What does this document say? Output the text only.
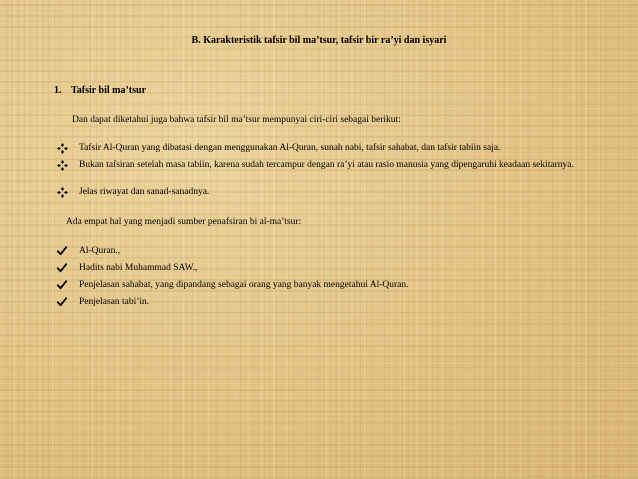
B. Karakteristik tafsir bil ma’tsur, tafsir bir ra’yi dan isyari
1. Tafsir bil ma’tsur
Dan dapat diketahui juga bahwa tafsir bil ma’tsur mempunyai ciri-ciri sebagai berikut:
Tafsir Al-Quran yang dibatasi dengan menggunakan Al-Quran, sunah nabi, tafsir sahabat, dan tafsir tabiin saja.
Bukan tafsiran setelah masa tabiin, karena sudah tercampur dengan ra’yi atau rasio manusia yang dipengaruhi keadaan sekitarnya.
Jelas riwayat dan sanad-sanadnya.
Ada empat hal yang menjadi sumber penafsiran bi al-ma’tsur:
Al-Quran.,
Hadits nabi Muhammad SAW.,
Penjelasan sahabat, yang dipandang sebagai orang yang banyak mengetahui Al-Quran.
Penjelasan tabi’in.
